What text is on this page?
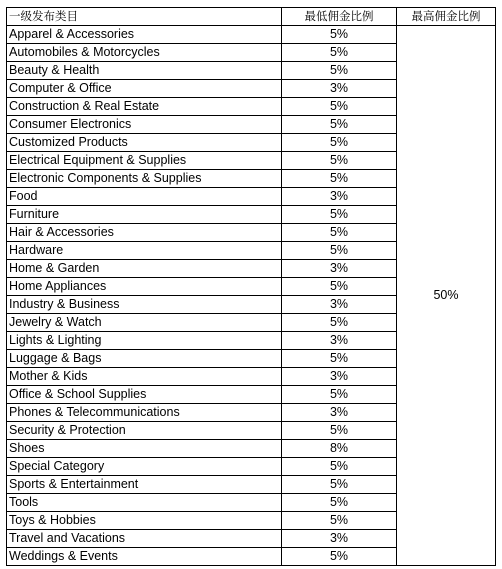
一级发布类目	最低佣金比例	最高佣金比例
Apparel & Accessories	5%	50%
Automobiles & Motorcycles	5%	
Beauty & Health	5%	
Computer & Office	3%	
Construction & Real Estate	5%	
Consumer Electronics	5%	
Customized Products	5%	
Electrical Equipment & Supplies	5%	
Electronic Components & Supplies	5%	
Food	3%	
Furniture	5%	
Hair & Accessories	5%	
Hardware	5%	
Home & Garden	3%	
Home Appliances	5%	
Industry & Business	3%	
Jewelry & Watch	5%	
Lights & Lighting	3%	
Luggage & Bags	5%	
Mother & Kids	3%	
Office & School Supplies	5%	
Phones & Telecommunications	3%	
Security & Protection	5%	
Shoes	8%	
Special Category	5%	
Sports & Entertainment	5%	
Tools	5%	
Toys & Hobbies	5%	
Travel and Vacations	3%	
Weddings & Events	5%	
